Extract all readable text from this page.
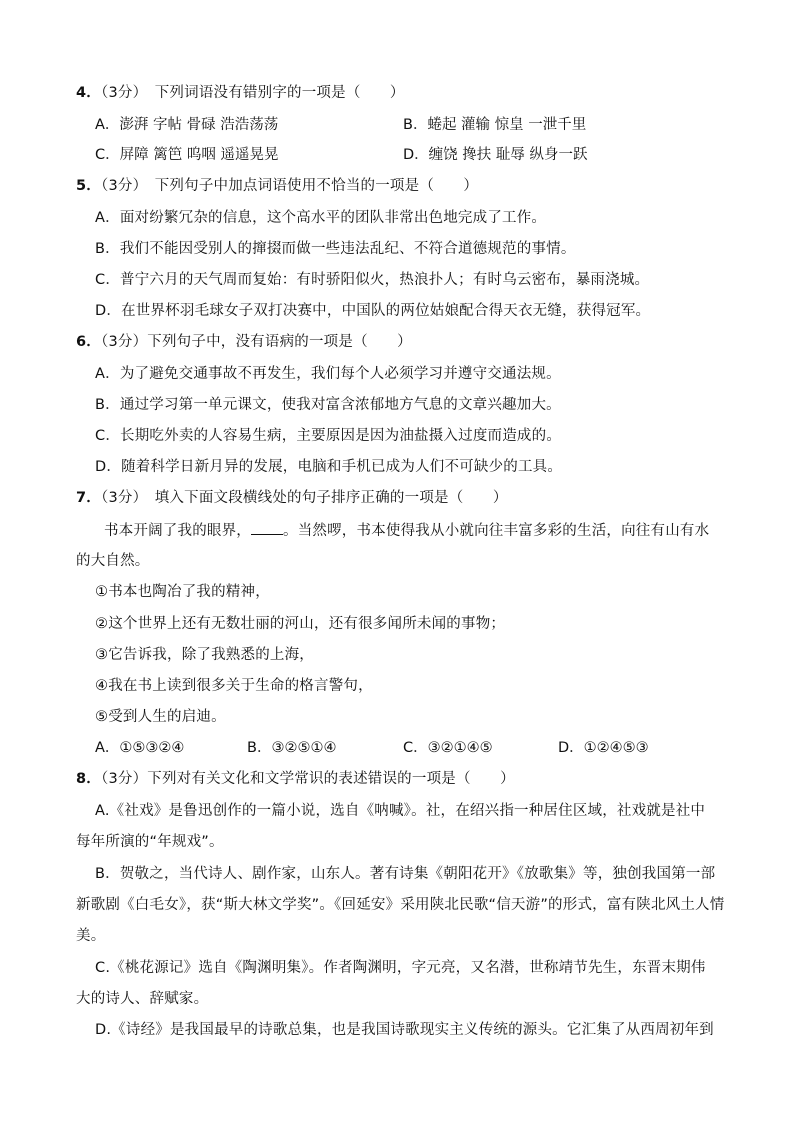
4．（3分）　下列词语没有错别字的一项是（　　）
A．澎湃 字帖 骨碌 浩浩荡荡	B．蜷起 灌输 惊皇 一泄千里
C．屏障 篱笆 呜咽 遥遥晃晃	D．缠饶 搀扶 耻辱 纵身一跃
5．（3分）　下列句子中加点词语使用不恰当的一项是（　　）
A．面对纷繁冗杂的信息，这个高水平的团队非常出色地完成了工作。
B．我们不能因受别人的撺掇而做一些违法乱纪、不符合道德规范的事情。
C．普宁六月的天气周而复始：有时骄阳似火，热浪扑人；有时乌云密布，暴雨浇城。
D．在世界杯羽毛球女子双打决赛中，中国队的两位姑娘配合得天衣无缝，获得冠军。
6．（3分）下列句子中，没有语病的一项是（　　）
A．为了避免交通事故不再发生，我们每个人必须学习并遵守交通法规。
B．通过学习第一单元课文，使我对富含浓郁地方气息的文章兴趣加大。
C．长期吃外卖的人容易生病，主要原因是因为油盐摄入过度而造成的。
D．随着科学日新月异的发展，电脑和手机已成为人们不可缺少的工具。
7．（3分）　填入下面文段横线处的句子排序正确的一项是（　　）
书本开阔了我的眼界， 。当然啰，书本使得我从小就向往丰富多彩的生活，向往有山有水
的大自然。
①书本也陶冶了我的精神，
②这个世界上还有无数壮丽的河山，还有很多闻所未闻的事物；
③它告诉我，除了我熟悉的上海，
④我在书上读到很多关于生命的格言警句，
⑤受到人生的启迪。
A．①⑤③②④	B．③②⑤①④	C．③②①④⑤	D．①②④⑤③
8．（3分）下列对有关文化和文学常识的表述错误的一项是（　　）
A.《社戏》是鲁迅创作的一篇小说，选自《呐喊》。社，在绍兴指一种居住区域，社戏就是社中
每年所演的“年规戏”。
B．贺敬之，当代诗人、剧作家，山东人。著有诗集《朝阳花开》《放歌集》等，独创我国第一部
新歌剧《白毛女》，获“斯大林文学奖”。《回延安》采用陕北民歌“信天游”的形式，富有陕北风土人情
美。
C.《桃花源记》选自《陶渊明集》。作者陶渊明，字元亮，又名潜，世称靖节先生，东晋末期伟
大的诗人、辞赋家。
D.《诗经》是我国最早的诗歌总集，也是我国诗歌现实主义传统的源头。它汇集了从西周初年到
